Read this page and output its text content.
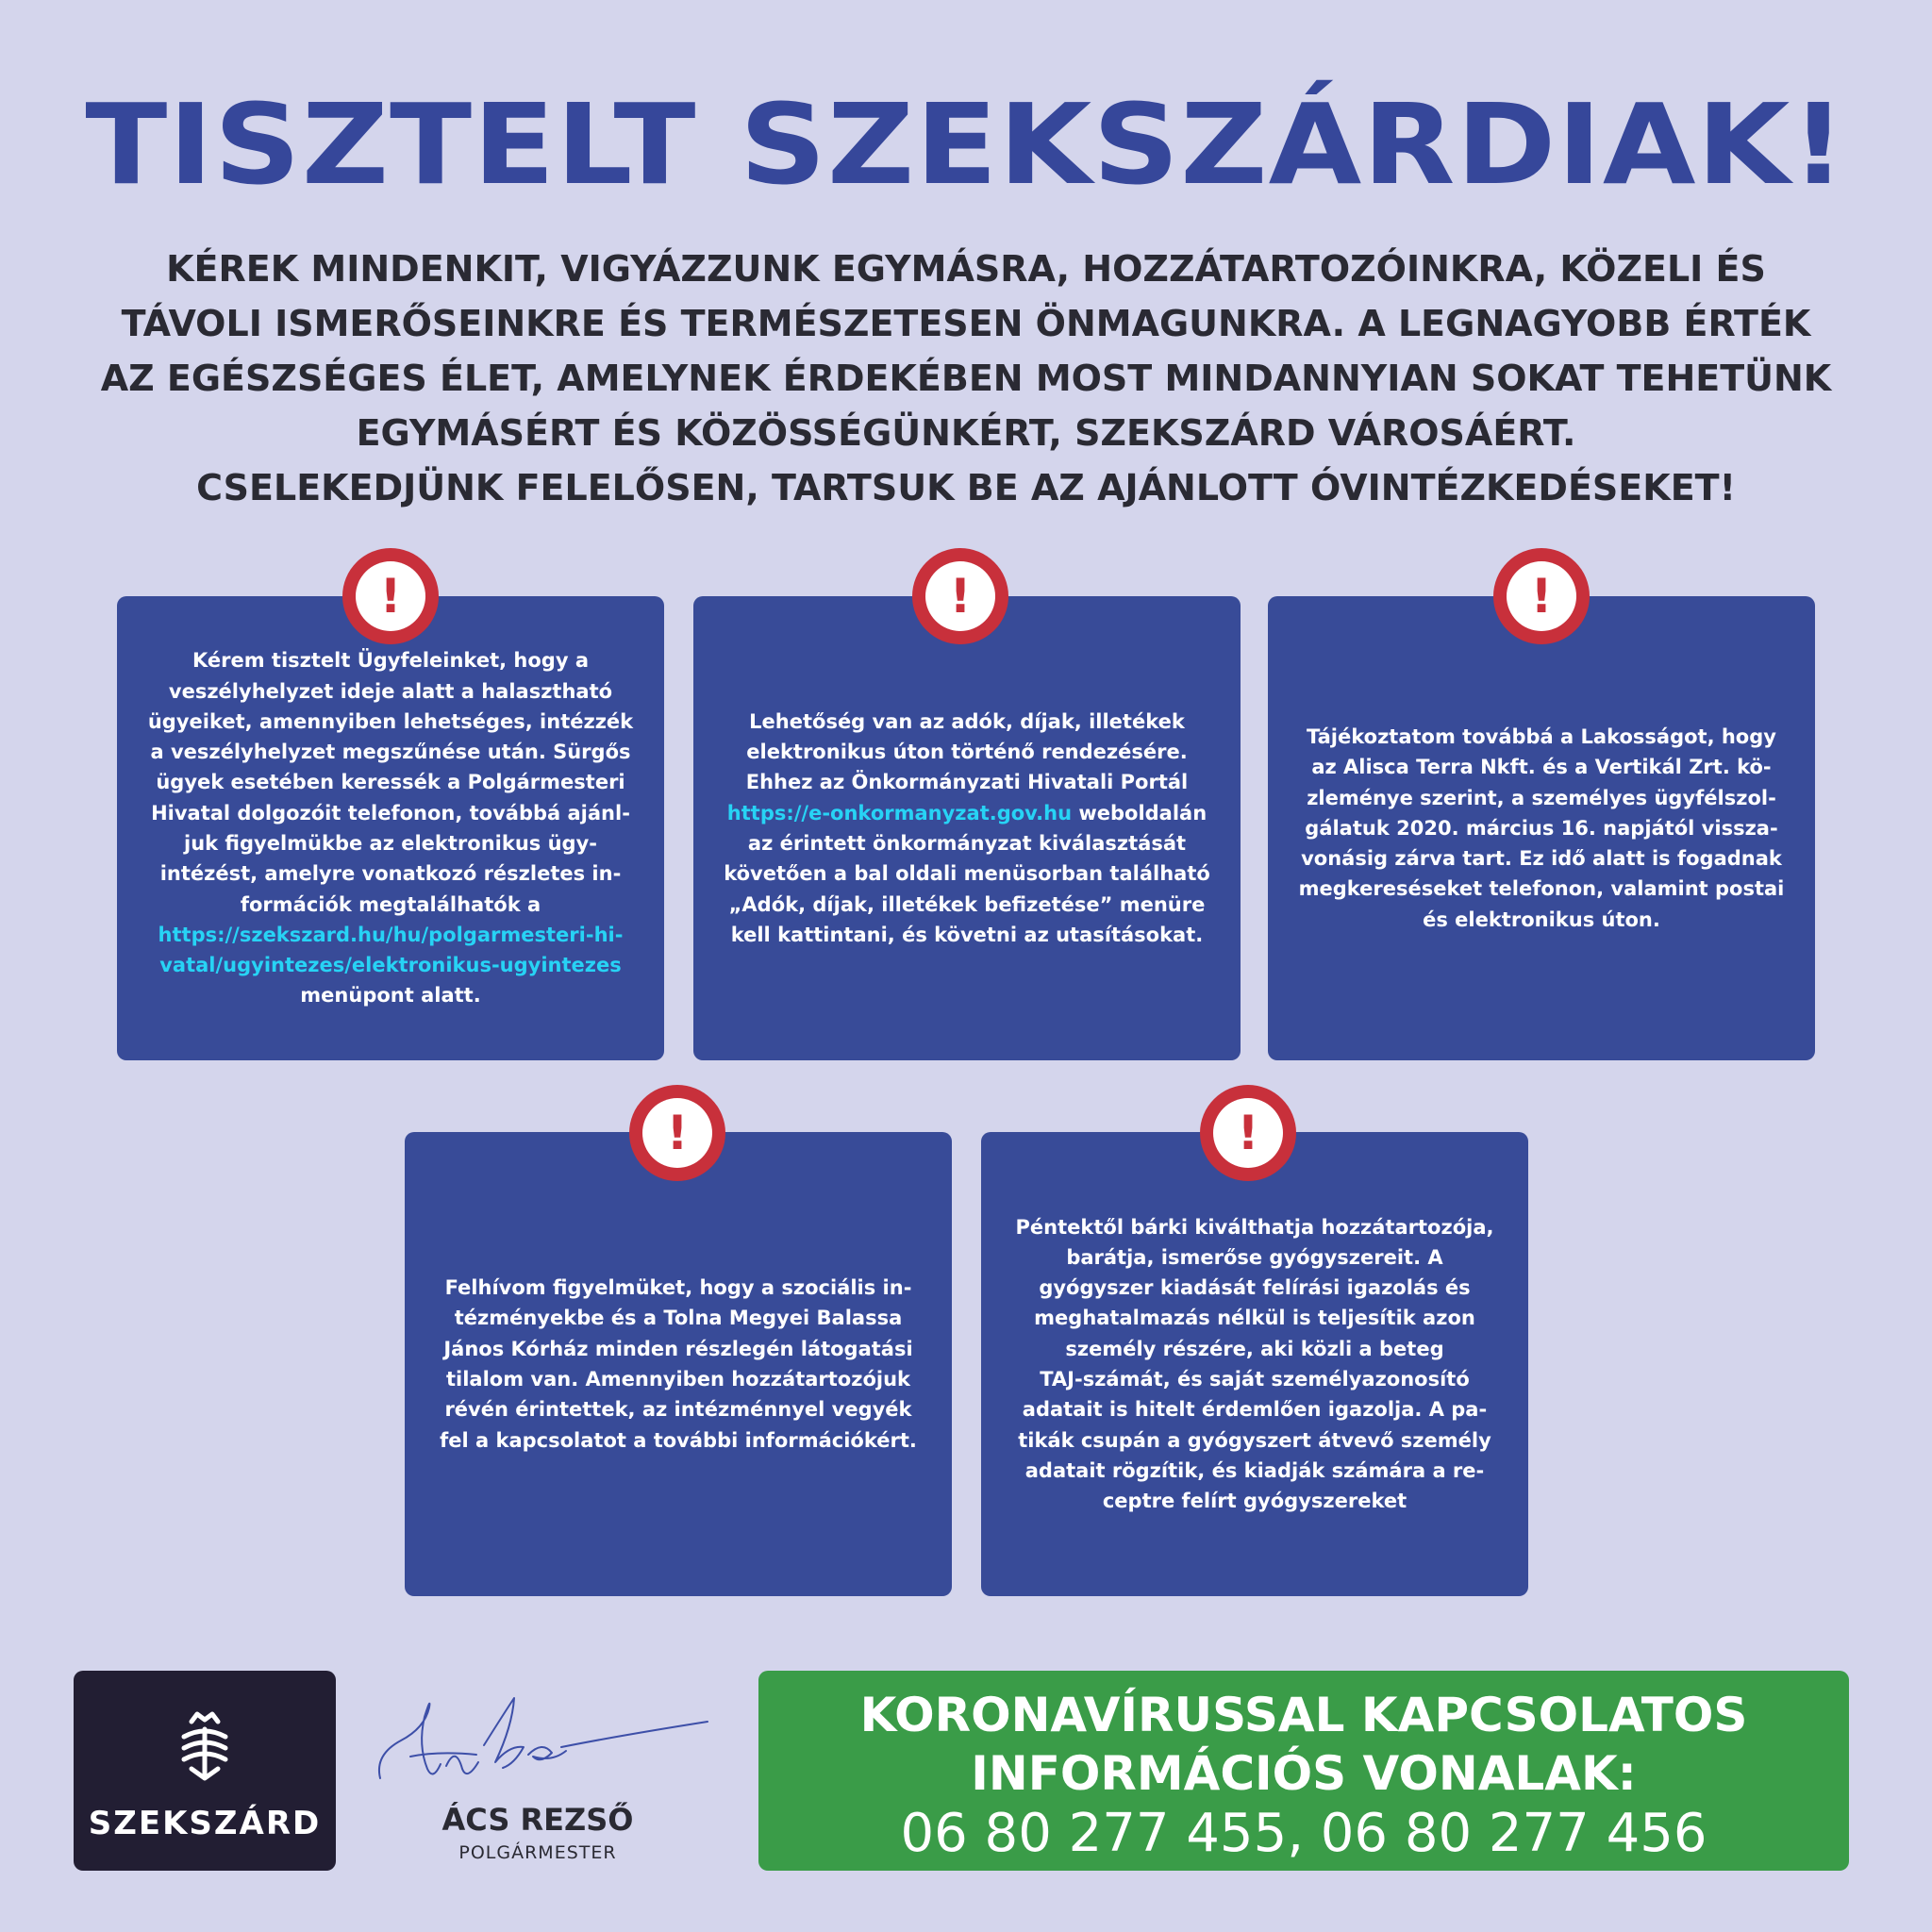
TISZTELT SZEKSZÁRDIAK!
KÉREK MINDENKIT, VIGYÁZZUNK EGYMÁSRA, HOZZÁTARTOZÓINKRA, KÖZELI ÉS
TÁVOLI ISMERŐSEINKRE ÉS TERMÉSZETESEN ÖNMAGUNKRA. A LEGNAGYOBB ÉRTÉK
AZ EGÉSZSÉGES ÉLET, AMELYNEK ÉRDEKÉBEN MOST MINDANNYIAN SOKAT TEHETÜNK
EGYMÁSÉRT ÉS KÖZÖSSÉGÜNKÉRT, SZEKSZÁRD VÁROSÁÉRT.
CSELEKEDJÜNK FELELŐSEN, TARTSUK BE AZ AJÁNLOTT ÓVINTÉZKEDÉSEKET!

Kérem tisztelt Ügyfeleinket, hogy a
veszélyhelyzet ideje alatt a halasztható
ügyeiket, amennyiben lehetséges, intézzék
a veszélyhelyzet megszűnése után. Sürgős
ügyek esetében keressék a Polgármesteri
Hivatal dolgozóit telefonon, továbbá ajánl-
juk figyelmükbe az elektronikus ügy-
intézést, amelyre vonatkozó részletes in-
formációk megtalálhatók a
https://szekszard.hu/hu/polgarmesteri-hi-
vatal/ugyintezes/elektronikus-ugyintezes
menüpont alatt.

!

Lehetőség van az adók, díjak, illetékek
elektronikus úton történő rendezésére.
Ehhez az Önkormányzati Hivatali Portál
https://e-onkormanyzat.gov.hu weboldalán
az érintett önkormányzat kiválasztását
követően a bal oldali menüsorban található
„Adók, díjak, illetékek befizetése” menüre
kell kattintani, és követni az utasításokat.

!

Tájékoztatom továbbá a Lakosságot, hogy
az Alisca Terra Nkft. és a Vertikál Zrt. kö-
zleménye szerint, a személyes ügyfélszol-
gálatuk 2020. március 16. napjától vissza-
vonásig zárva tart. Ez idő alatt is fogadnak
megkereséseket telefonon, valamint postai
és elektronikus úton.

!

Felhívom figyelmüket, hogy a szociális in-
tézményekbe és a Tolna Megyei Balassa
János Kórház minden részlegén látogatási
tilalom van. Amennyiben hozzátartozójuk
révén érintettek, az intézménnyel vegyék
fel a kapcsolatot a további információkért.

!

Péntektől bárki kiválthatja hozzátartozója,
barátja, ismerőse gyógyszereit. A
gyógyszer kiadását felírási igazolás és
meghatalmazás nélkül is teljesítik azon
személy részére, aki közli a beteg
TAJ-számát, és saját személyazonosító
adatait is hitelt érdemlően igazolja. A pa-
tikák csupán a gyógyszert átvevő személy
adatait rögzítik, és kiadják számára a re-
ceptre felírt gyógyszereket

!
SZEKSZÁRD	ÁCS REZSŐ
POLGÁRMESTER
KORONAVÍRUSSAL KAPCSOLATOS
INFORMÁCIÓS VONALAK:
06 80 277 455, 06 80 277 456
